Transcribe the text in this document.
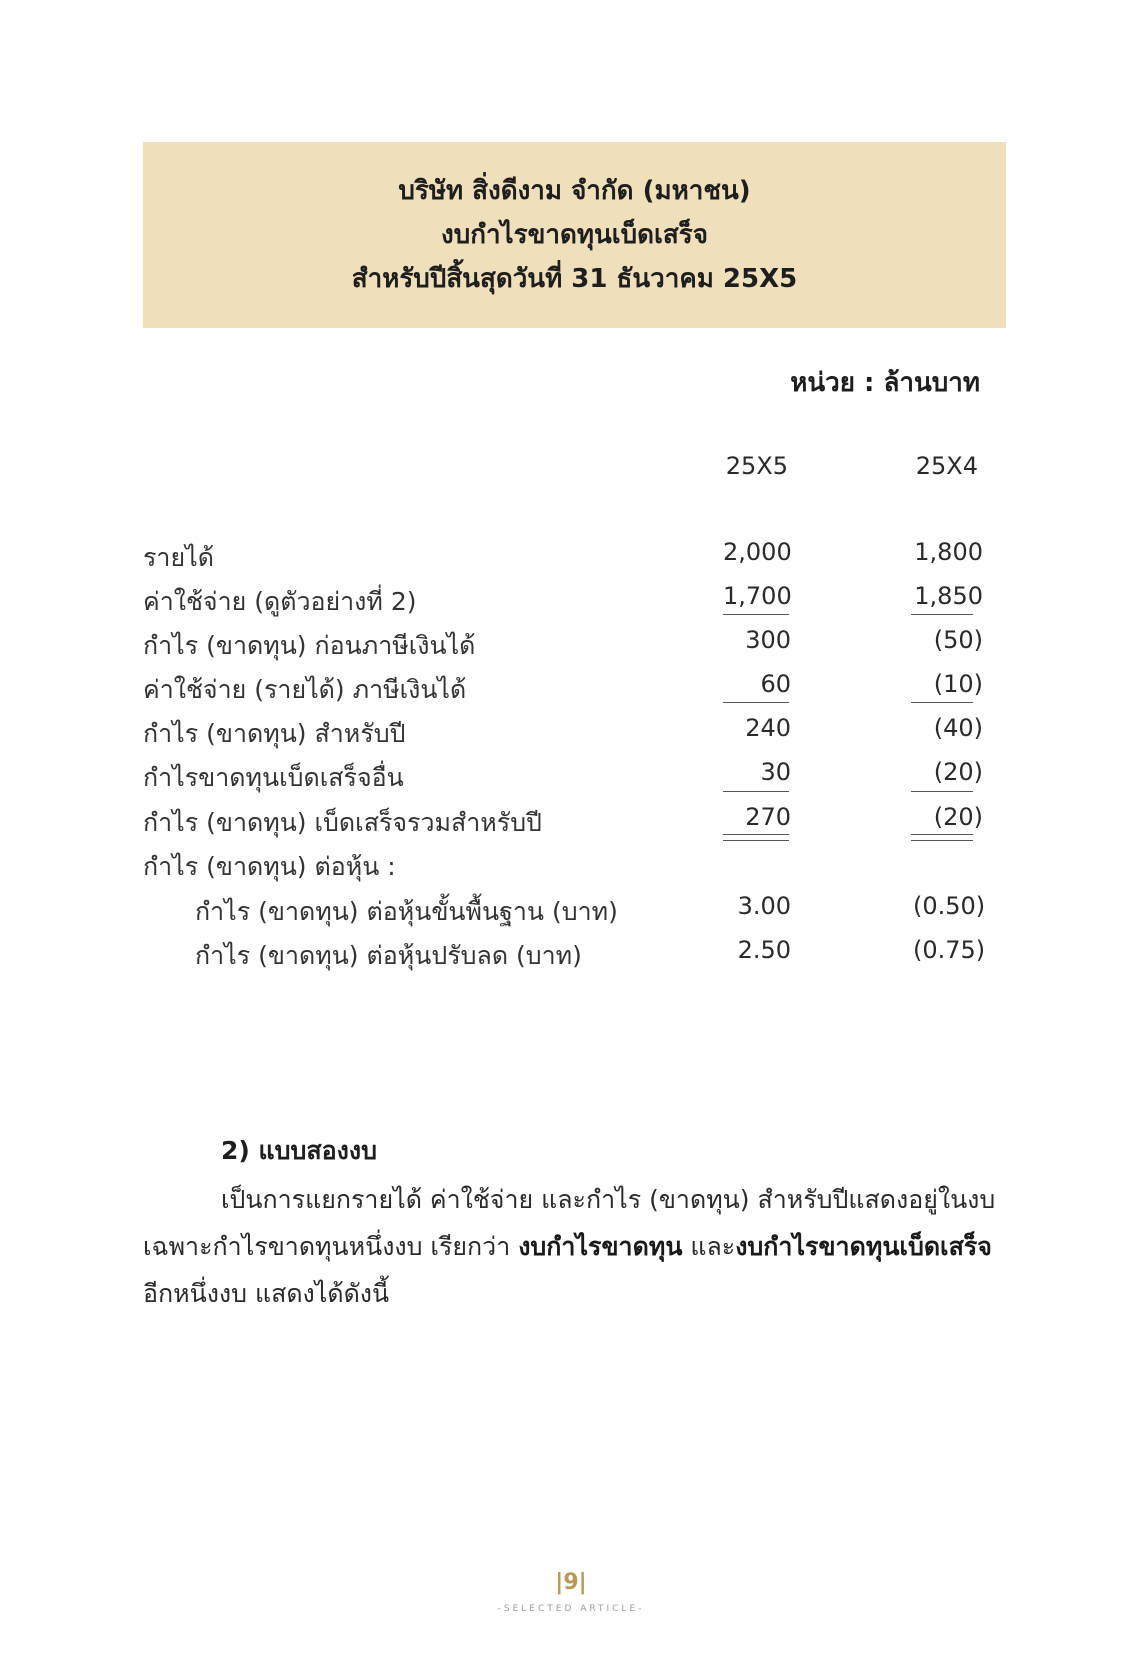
บริษัท สิ่งดีงาม จำกัด (มหาชน)
งบกำไรขาดทุนเบ็ดเสร็จ
สำหรับปีสิ้นสุดวันที่ 31 ธันวาคม 25X5
หน่วย : ล้านบาท
25X5	25X4
รายได้	2,000	1,800
ค่าใช้จ่าย (ดูตัวอย่างที่ 2)	1,700	1,850
กำไร (ขาดทุน) ก่อนภาษีเงินได้	300	(50)
ค่าใช้จ่าย (รายได้) ภาษีเงินได้	60	(10)
กำไร (ขาดทุน) สำหรับปี	240	(40)
กำไรขาดทุนเบ็ดเสร็จอื่น	30	(20)
กำไร (ขาดทุน) เบ็ดเสร็จรวมสำหรับปี	270	(20)
กำไร (ขาดทุน) ต่อหุ้น :
กำไร (ขาดทุน) ต่อหุ้นขั้นพื้นฐาน (บาท)	3.00	(0.50)
กำไร (ขาดทุน) ต่อหุ้นปรับลด (บาท)	2.50	(0.75)
2) แบบสองงบ
เป็นการแยกรายได้ ค่าใช้จ่าย และกำไร (ขาดทุน) สำหรับปีแสดงอยู่ในงบ
เฉพาะกำไรขาดทุนหนึ่งงบ เรียกว่า งบกำไรขาดทุน และงบกำไรขาดทุนเบ็ดเสร็จ
อีกหนึ่งงบ แสดงได้ดังนี้
|9|
-SELECTED ARTICLE-
